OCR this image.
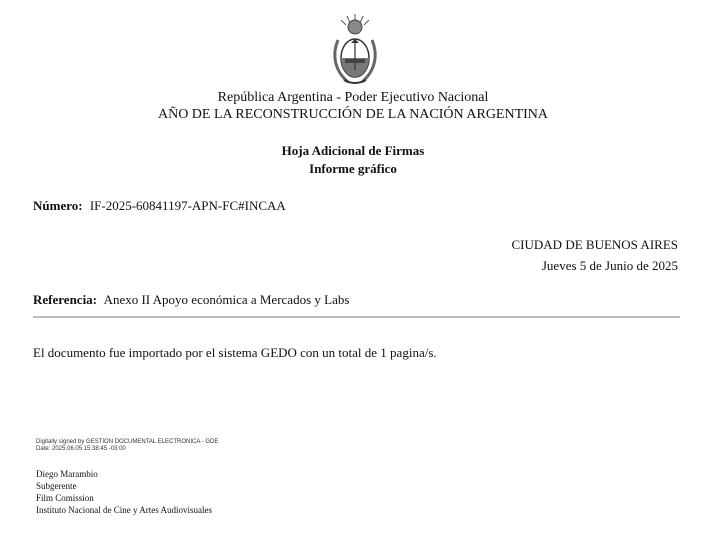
República Argentina - Poder Ejecutivo Nacional
AÑO DE LA RECONSTRUCCIÓN DE LA NACIÓN ARGENTINA
Hoja Adicional de Firmas
Informe gráfico
Número: IF-2025-60841197-APN-FC#INCAA
CIUDAD DE BUENOS AIRES
Jueves 5 de Junio de 2025
Referencia: Anexo II Apoyo económica a Mercados y Labs
El documento fue importado por el sistema GEDO con un total de 1 pagina/s.
Digitally signed by GESTION DOCUMENTAL ELECTRONICA - GDE
Date: 2025.06.05 15:38:45 -03:00
Diego Marambio
Subgerente
Film Comission
Instituto Nacional de Cine y Artes Audiovisuales
